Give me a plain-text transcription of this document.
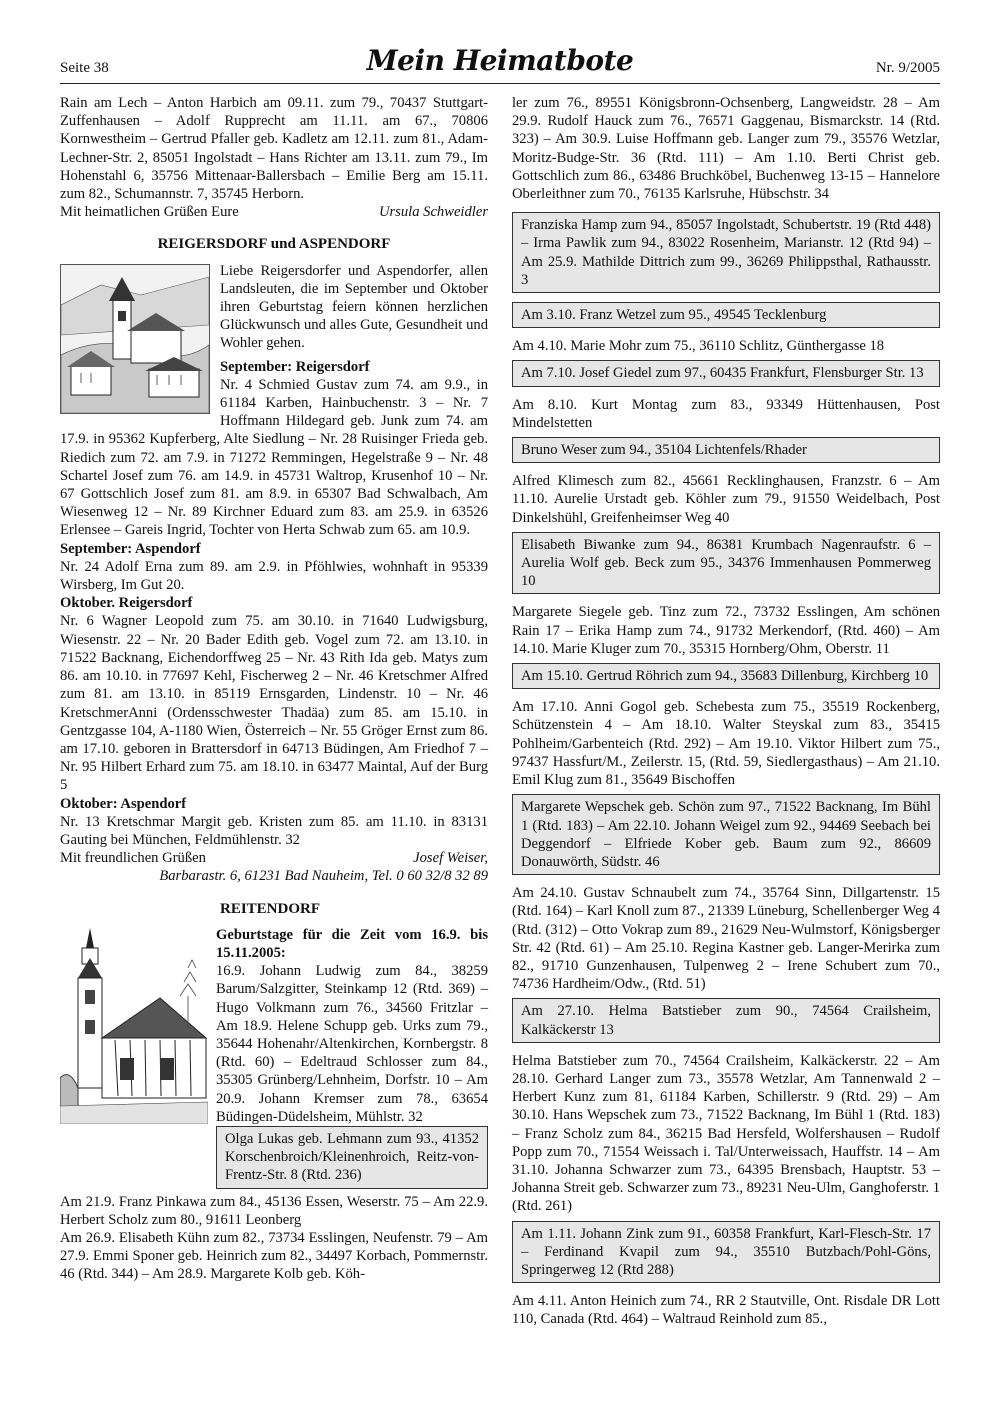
Seite 38	Mein Heimatbote	Nr. 9/2005

Rain am Lech – Anton Harbich am 09.11. zum 79., 70437 Stuttgart-Zuffenhausen – Adolf Rupprecht am 11.11. am 67., 70806 Kornwestheim – Gertrud Pfaller geb. Kadletz am 12.11. zum 81., Adam-Lechner-Str. 2, 85051 Ingolstadt – Hans Richter am 13.11. zum 79., Im Hohenstahl 6, 35756 Mittenaar-Ballersbach – Emilie Berg am 15.11. zum 82., Schumannstr. 7, 35745 Herborn.

Mit heimatlichen Grüßen Eure	Ursula Schweidler
REIGERSDORF und ASPENDORF

Liebe Reigersdorfer und Aspendorfer, allen Landsleuten, die im September und Oktober ihren Geburtstag feiern können herzlichen Glückwunsch und alles Gute, Gesundheit und Wohler gehen.

September: Reigersdorf

Nr. 4 Schmied Gustav zum 74. am 9.9., in 61184 Karben, Hainbuchenstr. 3 – Nr. 7 Hoffmann Hildegard geb. Junk zum 74. am 17.9. in 95362 Kupferberg, Alte Siedlung – Nr. 28 Ruisinger Frieda geb. Riedich zum 72. am 7.9. in 71272 Remmingen, Hegelstraße 9 – Nr. 48 Schartel Josef zum 76. am 14.9. in 45731 Waltrop, Krusenhof 10 – Nr. 67 Gottschlich Josef zum 81. am 8.9. in 65307 Bad Schwalbach, Am Wiesenweg 12 – Nr. 89 Kirchner Eduard zum 83. am 25.9. in 63526 Erlensee – Gareis Ingrid, Tochter von Herta Schwab zum 65. am 10.9.

September: Aspendorf

Nr. 24 Adolf Erna zum 89. am 2.9. in Pföhlwies, wohnhaft in 95339 Wirsberg, Im Gut 20.

Oktober. Reigersdorf

Nr. 6 Wagner Leopold zum 75. am 30.10. in 71640 Ludwigsburg, Wiesenstr. 22 – Nr. 20 Bader Edith geb. Vogel zum 72. am 13.10. in 71522 Backnang, Eichendorffweg 25 – Nr. 43 Rith Ida geb. Matys zum 86. am 10.10. in 77697 Kehl, Fischerweg 2 – Nr. 46 Kretschmer Alfred zum 81. am 13.10. in 85119 Ernsgarden, Lindenstr. 10 – Nr. 46 KretschmerAnni (Ordensschwester Thadäa) zum 85. am 15.10. in Gentzgasse 104, A-1180 Wien, Österreich – Nr. 55 Gröger Ernst zum 86. am 17.10. geboren in Brattersdorf in 64713 Büdingen, Am Friedhof 7 – Nr. 95 Hilbert Erhard zum 75. am 18.10. in 63477 Maintal, Auf der Burg 5

Oktober: Aspendorf

Nr. 13 Kretschmar Margit geb. Kristen zum 85. am 11.10. in 83131 Gauting bei München, Feldmühlenstr. 32

Mit freundlichen Grüßen	Josef Weiser,
Barbarastr. 6, 61231 Bad Nauheim, Tel. 0 60 32/8 32 89
REITENDORF

Geburtstage für die Zeit vom 16.9. bis 15.11.2005:

16.9. Johann Ludwig zum 84., 38259 Barum/Salzgitter, Steinkamp 12 (Rtd. 369) – Hugo Volkmann zum 76., 34560 Fritzlar – Am 18.9. Helene Schupp geb. Urks zum 79., 35644 Hohenahr/Altenkirchen, Kornbergstr. 8 (Rtd. 60) – Edeltraud Schlosser zum 84., 35305 Grünberg/Lehnheim, Dorfstr. 10 – Am 20.9. Johann Kremser zum 78., 63654 Büdingen-Düdelsheim, Mühlstr. 32

Olga Lukas geb. Lehmann zum 93., 41352 Korschenbroich/Kleinenhroich, Reitz-von-Frentz-Str. 8 (Rtd. 236)

Am 21.9. Franz Pinkawa zum 84., 45136 Essen, Weserstr. 75 – Am 22.9. Herbert Scholz zum 80., 91611 Leonberg

Am 26.9. Elisabeth Kühn zum 82., 73734 Esslingen, Neufenstr. 79 – Am 27.9. Emmi Sponer geb. Heinrich zum 82., 34497 Korbach, Pommernstr. 46 (Rtd. 344) – Am 28.9. Margarete Kolb geb. Köh-

ler zum 76., 89551 Königsbronn-Ochsenberg, Langweidstr. 28 – Am 29.9. Rudolf Hauck zum 76., 76571 Gaggenau, Bismarckstr. 14 (Rtd. 323) – Am 30.9. Luise Hoffmann geb. Langer zum 79., 35576 Wetzlar, Moritz-Budge-Str. 36 (Rtd. 111) – Am 1.10. Berti Christ geb. Gottschlich zum 86., 63486 Bruchköbel, Buchenweg 13-15 – Hannelore Oberleithner zum 70., 76135 Karlsruhe, Hübschstr. 34

Franziska Hamp zum 94., 85057 Ingolstadt, Schubertstr. 19 (Rtd 448) – Irma Pawlik zum 94., 83022 Rosenheim, Marianstr. 12 (Rtd 94) – Am 25.9. Mathilde Dittrich zum 99., 36269 Philippsthal, Rathausstr. 3
Am 3.10. Franz Wetzel zum 95., 49545 Tecklenburg

Am 4.10. Marie Mohr zum 75., 36110 Schlitz, Günthergasse 18

Am 7.10. Josef Giedel zum 97., 60435 Frankfurt, Flensburger Str. 13

Am 8.10. Kurt Montag zum 83., 93349 Hüttenhausen, Post Mindelstetten

Bruno Weser zum 94., 35104 Lichtenfels/Rhader

Alfred Klimesch zum 82., 45661 Recklinghausen, Franzstr. 6 – Am 11.10. Aurelie Urstadt geb. Köhler zum 79., 91550 Weidelbach, Post Dinkelshühl, Greifenheimser Weg 40

Elisabeth Biwanke zum 94., 86381 Krumbach Nagenraufstr. 6 – Aurelia Wolf geb. Beck zum 95., 34376 Immenhausen Pommerweg 10

Margarete Siegele geb. Tinz zum 72., 73732 Esslingen, Am schönen Rain 17 – Erika Hamp zum 74., 91732 Merkendorf, (Rtd. 460) – Am 14.10. Marie Kluger zum 70., 35315 Hornberg/Ohm, Oberstr. 11

Am 15.10. Gertrud Röhrich zum 94., 35683 Dillenburg, Kirchberg 10

Am 17.10. Anni Gogol geb. Schebesta zum 75., 35519 Rockenberg, Schützenstein 4 – Am 18.10. Walter Steyskal zum 83., 35415 Pohlheim/Garbenteich (Rtd. 292) – Am 19.10. Viktor Hilbert zum 75., 97437 Hassfurt/M., Zeilerstr. 15, (Rtd. 59, Siedlergasthaus) – Am 21.10. Emil Klug zum 81., 35649 Bischoffen

Margarete Wepschek geb. Schön zum 97., 71522 Backnang, Im Bühl 1 (Rtd. 183) – Am 22.10. Johann Weigel zum 92., 94469 Seebach bei Deggendorf – Elfriede Kober geb. Baum zum 92., 86609 Donauwörth, Südstr. 46

Am 24.10. Gustav Schnaubelt zum 74., 35764 Sinn, Dillgartenstr. 15 (Rtd. 164) – Karl Knoll zum 87., 21339 Lüneburg, Schellenberger Weg 4 (Rtd. (312) – Otto Vokrap zum 89., 21629 Neu-Wulmstorf, Königsberger Str. 42 (Rtd. 61) – Am 25.10. Regina Kastner geb. Langer-Merirka zum 82., 91710 Gunzenhausen, Tulpenweg 2 – Irene Schubert zum 70., 74736 Hardheim/Odw., (Rtd. 51)

Am 27.10. Helma Batstieber zum 90., 74564 Crailsheim, Kalkäckerstr 13

Helma Batstieber zum 70., 74564 Crailsheim, Kalkäckerstr. 22 – Am 28.10. Gerhard Langer zum 73., 35578 Wetzlar, Am Tannenwald 2 – Herbert Kunz zum 81, 61184 Karben, Schillerstr. 9 (Rtd. 29) – Am 30.10. Hans Wepschek zum 73., 71522 Backnang, Im Bühl 1 (Rtd. 183) – Franz Scholz zum 84., 36215 Bad Hersfeld, Wolfershausen – Rudolf Popp zum 70., 71554 Weissach i. Tal/Unterweissach, Hauffstr. 14 – Am 31.10. Johanna Schwarzer zum 73., 64395 Brensbach, Hauptstr. 53 – Johanna Streit geb. Schwarzer zum 73., 89231 Neu-Ulm, Ganghoferstr. 1 (Rtd. 261)

Am 1.11. Johann Zink zum 91., 60358 Frankfurt, Karl-Flesch-Str. 17 – Ferdinand Kvapil zum 94., 35510 Butzbach/Pohl-Göns, Springerweg 12 (Rtd 288)

Am 4.11. Anton Heinich zum 74., RR 2 Stautville, Ont. Risdale DR Lott 110, Canada (Rtd. 464) – Waltraud Reinhold zum 85.,
